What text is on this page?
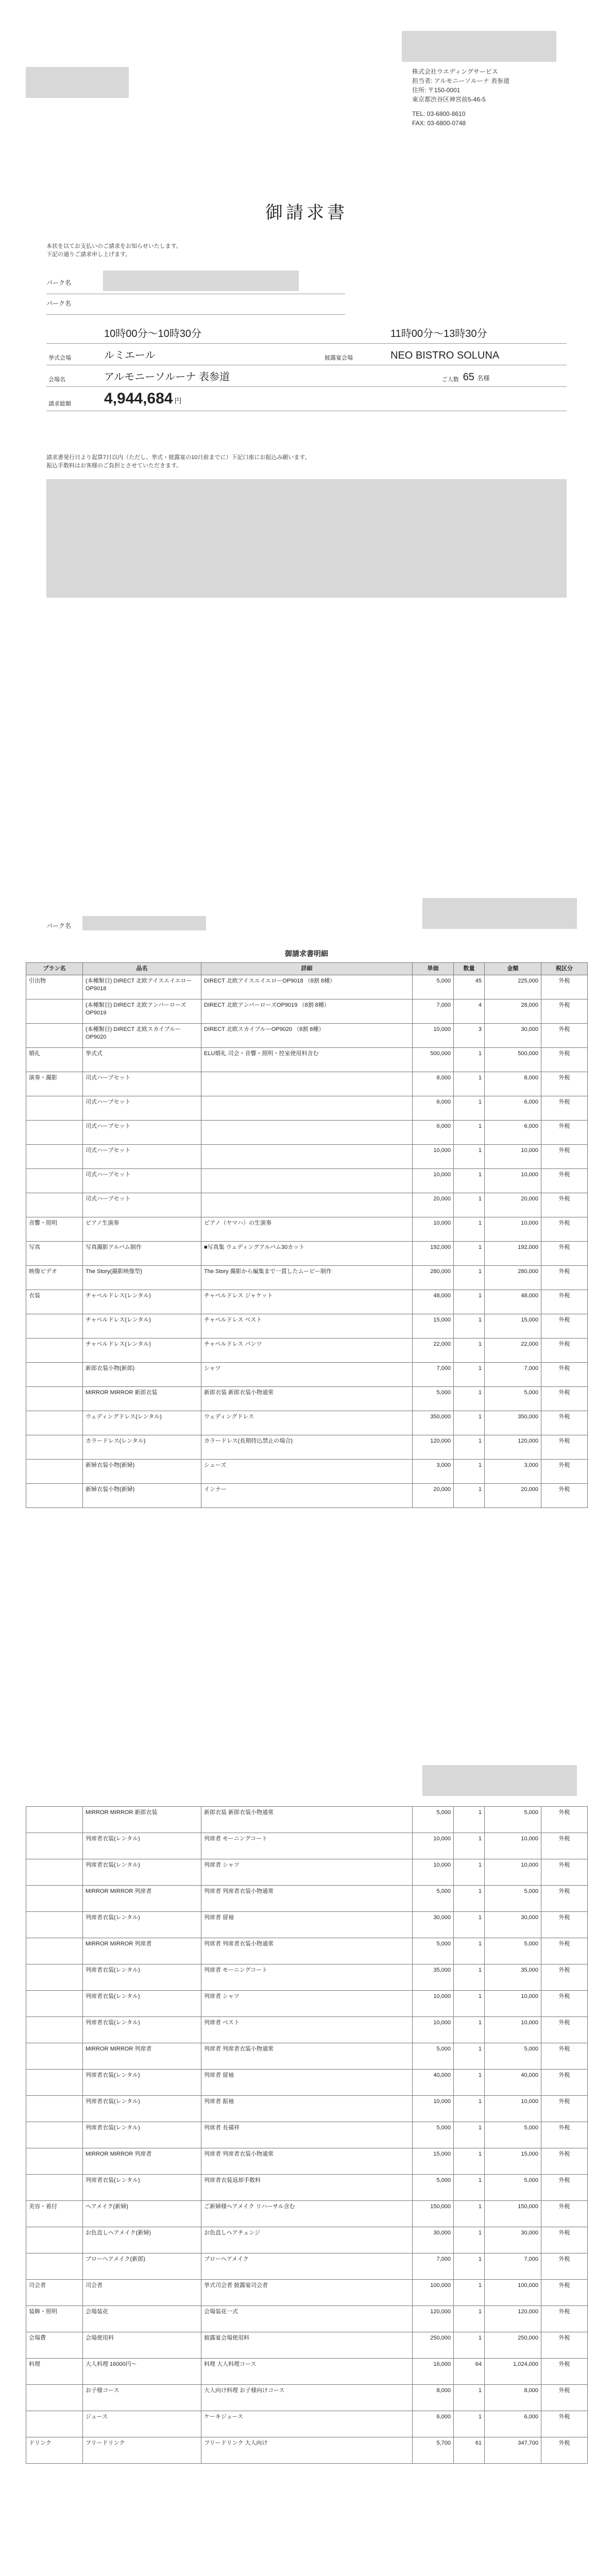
株式会社ウエディングサービス
担当者: アルモニーソルーナ 表参道
住所: 〒150-0001
東京都渋谷区神宮前5-46-5
TEL: 03-6800-8610
FAX: 03-6800-0748
御請求書
本状を以てお支払いのご請求をお知らせいたします。
下記の通りご請求申し上げます。
パーク名
パーク名
	10時00分〜10時30分		11時00分〜13時30分	
挙式会場	ルミエール	披露宴会場	NEO BISTRO SOLUNA	
会場名	アルモニーソルーナ 表参道		ご人数	65 名様
請求総額	4,944,684 円			
請求書発行日より起算7日以内（ただし、挙式・披露宴の10日前までに）下記口座にお振込み願います。
振込手数料はお客様のご負担とさせていただきます。
パーク名
御請求書明細
プラン名	品名	詳細	単価	数量	金額	税区分
引出物	(本種類目) DIRECT 北欧アイスエイエローOP9018	DIRECT 北欧アイスエイエローOP9018 （8割 8種）	5,000	45	225,000	外税
	(本種類目) DIRECT 北欧アンバーローズOP9019	DIRECT 北欧アンバーローズOP9019 （8割 8種）	7,000	4	28,000	外税
	(本種類目) DIRECT 北欧スカイブルーOP9020	DIRECT 北欧スカイブルーOP9020 （8割 8種）	10,000	3	30,000	外税
婚礼	挙式式	ELU婚礼 司会・音響・照明・控室使用料含む	500,000	1	500,000	外税
演奏・撮影	司式ハープセット		8,000	1	8,000	外税
	司式ハープセット		6,000	1	6,000	外税
	司式ハープセット		6,000	1	6,000	外税
	司式ハープセット		10,000	1	10,000	外税
	司式ハープセット		10,000	1	10,000	外税
	司式ハープセット		20,000	1	20,000	外税
音響・照明	ピアノ生演奏	ピアノ（ヤマハ）の生演奏	10,000	1	10,000	外税
写真	写真撮影アルバム制作	■写真集 ウェディングアルバム30カット	192,000	1	192,000	外税
映像ビデオ	The Story(撮影映像型)	The Story 撮影から編集まで一貫したムービー制作	280,000	1	280,000	外税
衣装	チャペルドレス(レンタル)	チャペルドレス ジャケット	48,000	1	48,000	外税
	チャペルドレス(レンタル)	チャペルドレス ベスト	15,000	1	15,000	外税
	チャペルドレス(レンタル)	チャペルドレス パンツ	22,000	1	22,000	外税
	新郎衣装小物(新郎)	シャツ	7,000	1	7,000	外税
	MIRROR MIRROR 新郎衣装	新郎衣装 新郎衣装小物通常	5,000	1	5,000	外税
	ウェディングドレス(レンタル)	ウェディングドレス	350,000	1	350,000	外税
	カラードレス(レンタル)	カラードレス(長期持込禁止の場合)	120,000	1	120,000	外税
	新婦衣装小物(新婦)	シューズ	3,000	1	3,000	外税
	新婦衣装小物(新婦)	インナー	20,000	1	20,000	外税
	MIRROR MIRROR 新郎衣装	新郎衣装 新郎衣装小物通常	5,000	1	5,000	外税
	列席者衣装(レンタル)	列席者 モーニングコート	10,000	1	10,000	外税
	列席者衣装(レンタル)	列席者 シャツ	10,000	1	10,000	外税
	MIRROR MIRROR 列席者	列席者 列席者衣装小物通常	5,000	1	5,000	外税
	列席者衣装(レンタル)	列席者 留袖	30,000	1	30,000	外税
	MIRROR MIRROR 列席者	列席者 列席者衣装小物通常	5,000	1	5,000	外税
	列席者衣装(レンタル)	列席者 モーニングコート	35,000	1	35,000	外税
	列席者衣装(レンタル)	列席者 シャツ	10,000	1	10,000	外税
	列席者衣装(レンタル)	列席者 ベスト	10,000	1	10,000	外税
	MIRROR MIRROR 列席者	列席者 列席者衣装小物通常	5,000	1	5,000	外税
	列席者衣装(レンタル)	列席者 留袖	40,000	1	40,000	外税
	列席者衣装(レンタル)	列席者 振袖	10,000	1	10,000	外税
	列席者衣装(レンタル)	列席者 長襦袢	5,000	1	5,000	外税
	MIRROR MIRROR 列席者	列席者 列席者衣装小物通常	15,000	1	15,000	外税
	列席者衣装(レンタル)	列席者衣装返却手数料	5,000	1	5,000	外税
美容・着付	ヘアメイク(新婦)	ご新婦様ヘアメイク リハーサル含む	150,000	1	150,000	外税
	お色直しヘアメイク(新婦)	お色直しヘアチェンジ	30,000	1	30,000	外税
	ブローヘアメイク(新郎)	ブローヘアメイク	7,000	1	7,000	外税
司会者	司会者	挙式司会者 披露宴司会者	100,000	1	100,000	外税
装飾・照明	会場装花	会場装花一式	120,000	1	120,000	外税
会場費	会場使用料	披露宴会場使用料	250,000	1	250,000	外税
料理	大人料理 16000円〜	料理 大人料理コース	16,000	64	1,024,000	外税
	お子様コース	大人向け料理 お子様向けコース	8,000	1	8,000	外税
	ジュース	ケーキジュース	6,000	1	6,000	外税
ドリンク	フリードリンク	フリードリンク 大人向け	5,700	61	347,700	外税
